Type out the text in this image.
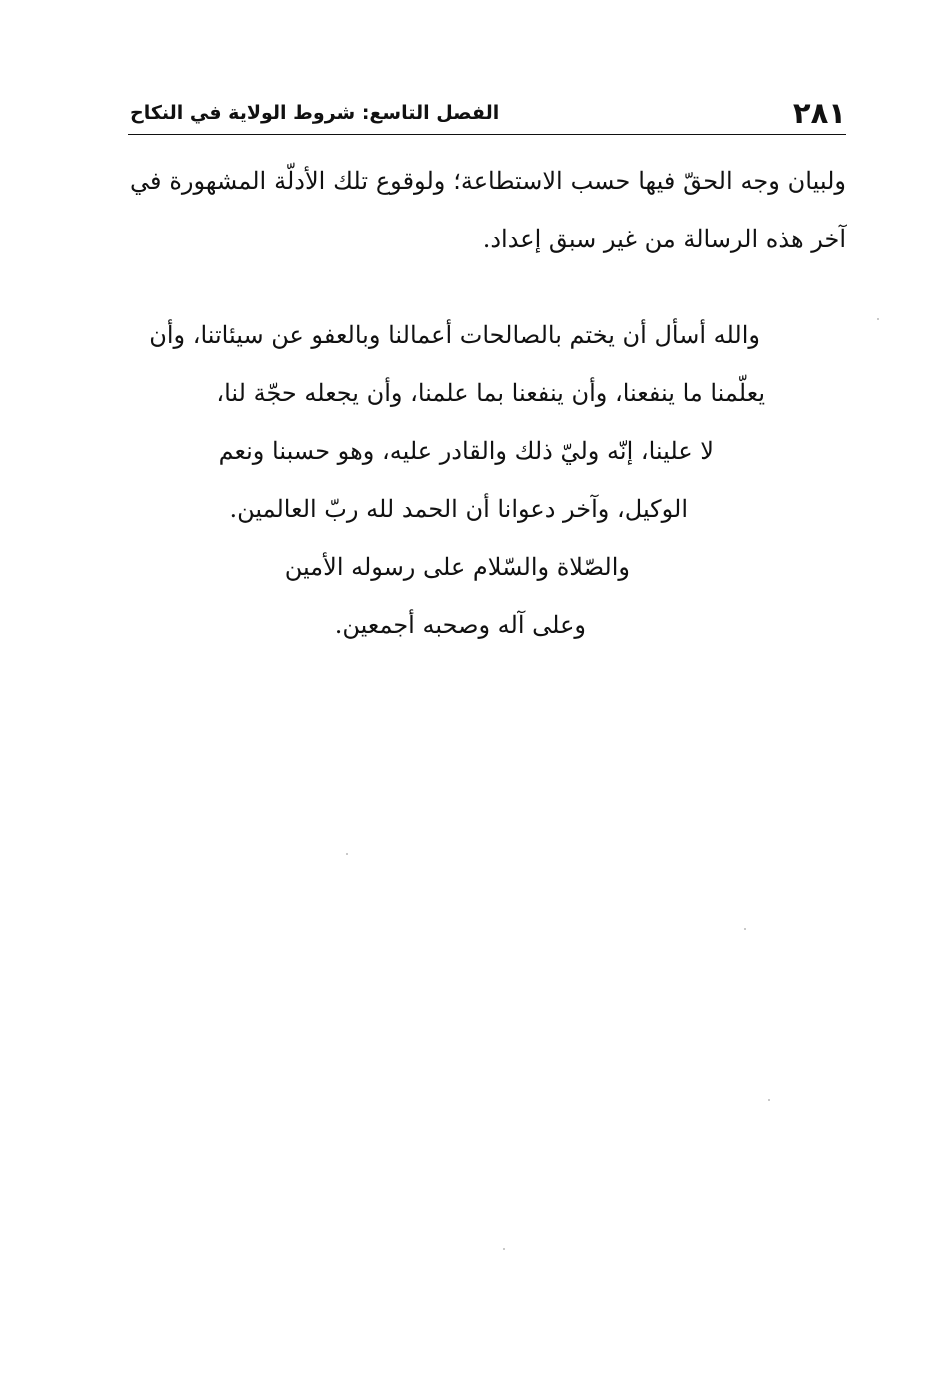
٢٨١
الفصل التاسع: شروط الولاية في النكاح
ولبيان وجه الحقّ فيها حسب الاستطاعة؛ ولوقوع تلك الأدلّة المشهورة في
آخر هذه الرسالة من غير سبق إعداد.
والله أسأل أن يختم بالصالحات أعمالنا وبالعفو عن سيئاتنا، وأن
يعلّمنا ما ينفعنا، وأن ينفعنا بما علمنا، وأن يجعله حجّة لنا،
لا علينا، إنّه وليّ ذلك والقادر عليه، وهو حسبنا ونعم
الوكيل، وآخر دعوانا أن الحمد لله ربّ العالمين.
والصّلاة والسّلام على رسوله الأمين
وعلى آله وصحبه أجمعين.
